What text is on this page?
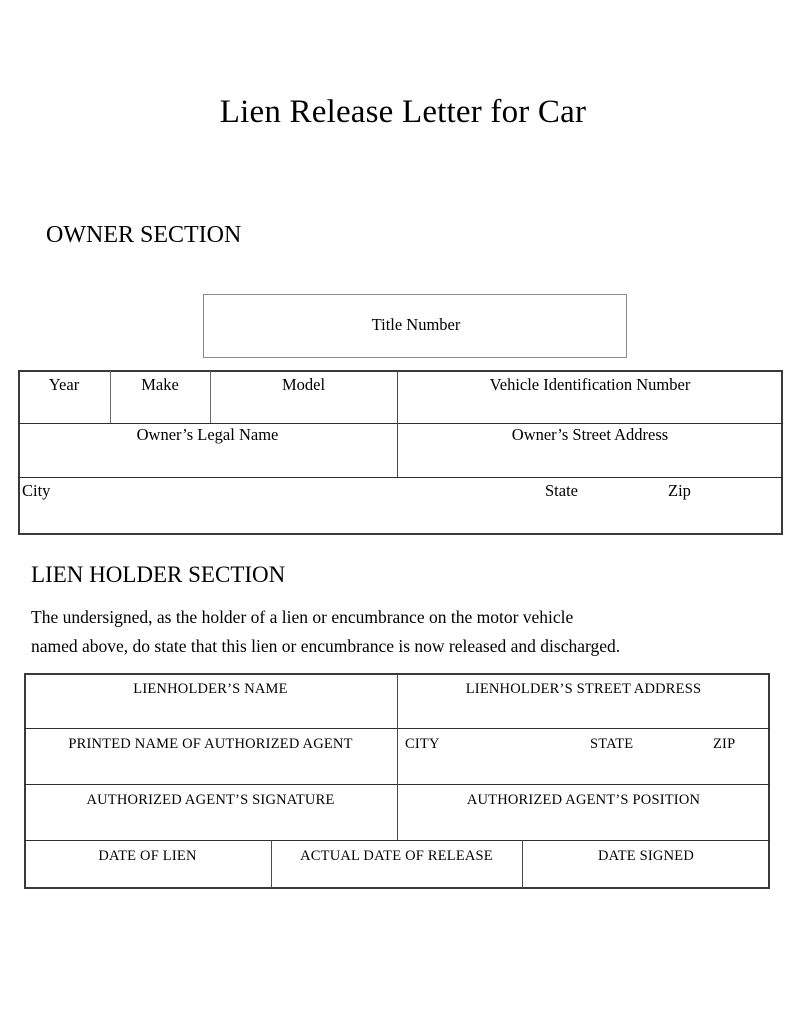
Lien Release Letter for Car
OWNER SECTION
Title Number
Year	Make	Model	Vehicle Identification Number
Owner’s Legal Name	Owner’s Street Address
City	State	Zip
LIEN HOLDER SECTION
The undersigned, as the holder of a lien or encumbrance on the motor vehicle
named above, do state that this lien or encumbrance is now released and discharged.
LIENHOLDER’S NAME	LIENHOLDER’S STREET ADDRESS
PRINTED NAME OF AUTHORIZED AGENT	CITY	STATE	ZIP
AUTHORIZED AGENT’S SIGNATURE	AUTHORIZED AGENT’S POSITION
DATE OF LIEN	ACTUAL DATE OF RELEASE	DATE SIGNED
